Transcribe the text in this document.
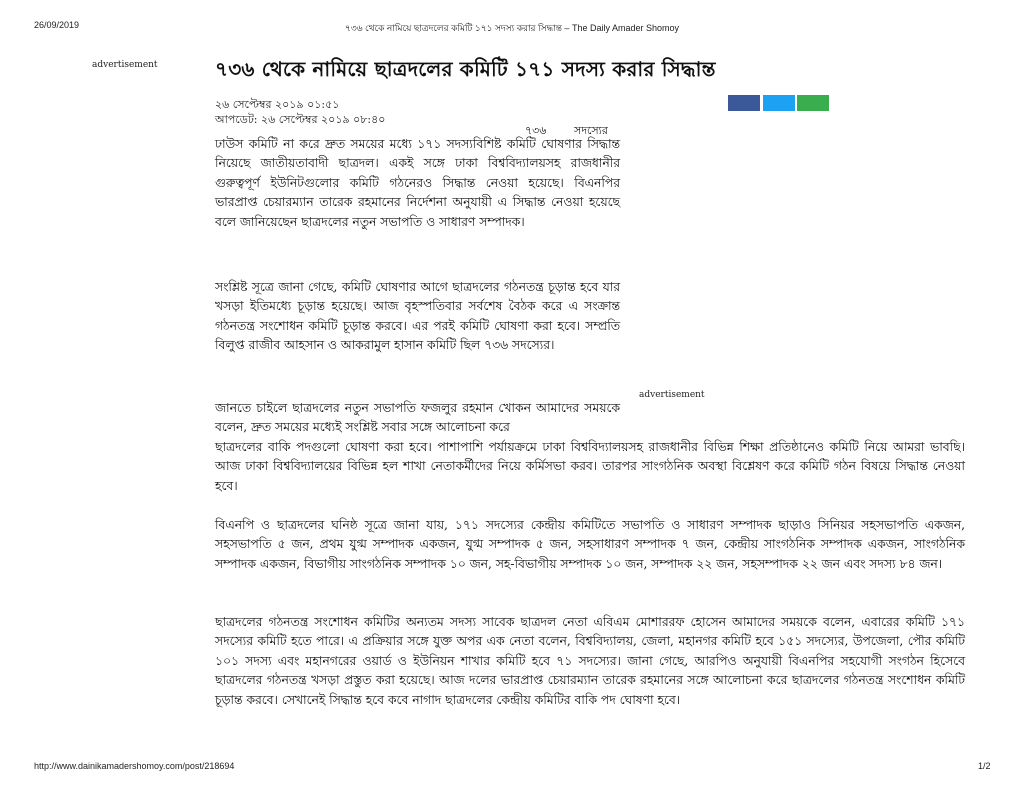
26/09/2019	৭৩৬ থেকে নামিয়ে ছাত্রদলের কমিটি ১৭১ সদস্য করার সিদ্ধান্ত – The Daily Amader Shomoy
advertisement	৭৩৬ থেকে নামিয়ে ছাত্রদলের কমিটি ১৭১ সদস্য করার সিদ্ধান্ত
২৬ সেপ্টেম্বর ২০১৯ ০১:৫১
আপডেট: ২৬ সেপ্টেম্বর ২০১৯ ০৮:৪০
৭৩৬ সদস্যের
ঢাউস কমিটি না করে দ্রুত সময়ের মধ্যে ১৭১ সদস্যবিশিষ্ট কমিটি ঘোষণার সিদ্ধান্ত নিয়েছে জাতীয়তাবাদী ছাত্রদল। একই সঙ্গে ঢাকা বিশ্ববিদ্যালয়সহ রাজধানীর গুরুত্বপূর্ণ ইউনিটগুলোর কমিটি গঠনেরও সিদ্ধান্ত নেওয়া হয়েছে। বিএনপির ভারপ্রাপ্ত চেয়ারম্যান তারেক রহমানের নির্দেশনা অনুযায়ী এ সিদ্ধান্ত নেওয়া হয়েছে বলে জানিয়েছেন ছাত্রদলের নতুন সভাপতি ও সাধারণ সম্পাদক।
সংশ্লিষ্ট সূত্রে জানা গেছে, কমিটি ঘোষণার আগে ছাত্রদলের গঠনতন্ত্র চূড়ান্ত হবে যার খসড়া ইতিমধ্যে চূড়ান্ত হয়েছে। আজ বৃহস্পতিবার সর্বশেষ বৈঠক করে এ সংক্রান্ত গঠনতন্ত্র সংশোধন কমিটি চূড়ান্ত করবে। এর পরই কমিটি ঘোষণা করা হবে। সম্প্রতি বিলুপ্ত রাজীব আহসান ও আকরামুল হাসান কমিটি ছিল ৭৩৬ সদস্যের।
advertisement
জানতে চাইলে ছাত্রদলের নতুন সভাপতি ফজলুর রহমান খোকন আমাদের সময়কে বলেন, দ্রুত সময়ের মধ্যেই সংশ্লিষ্ট সবার সঙ্গে আলোচনা করে
ছাত্রদলের বাকি পদগুলো ঘোষণা করা হবে। পাশাপাশি পর্যায়ক্রমে ঢাকা বিশ্ববিদ্যালয়সহ রাজধানীর বিভিন্ন শিক্ষা প্রতিষ্ঠানেও কমিটি নিয়ে আমরা ভাবছি। আজ ঢাকা বিশ্ববিদ্যালয়ের বিভিন্ন হল শাখা নেতাকর্মীদের নিয়ে কর্মিসভা করব। তারপর সাংগঠনিক অবস্থা বিশ্লেষণ করে কমিটি গঠন বিষয়ে সিদ্ধান্ত নেওয়া হবে।
বিএনপি ও ছাত্রদলের ঘনিষ্ঠ সূত্রে জানা যায়, ১৭১ সদস্যের কেন্দ্রীয় কমিটিতে সভাপতি ও সাধারণ সম্পাদক ছাড়াও সিনিয়র সহসভাপতি একজন, সহসভাপতি ৫ জন, প্রথম যুগ্ম সম্পাদক একজন, যুগ্ম সম্পাদক ৫ জন, সহসাধারণ সম্পাদক ৭ জন, কেন্দ্রীয় সাংগঠনিক সম্পাদক একজন, সাংগঠনিক সম্পাদক একজন, বিভাগীয় সাংগঠনিক সম্পাদক ১০ জন, সহ-বিভাগীয় সম্পাদক ১০ জন, সম্পাদক ২২ জন, সহসম্পাদক ২২ জন এবং সদস্য ৮৪ জন।
ছাত্রদলের গঠনতন্ত্র সংশোধন কমিটির অন্যতম সদস্য সাবেক ছাত্রদল নেতা এবিএম মোশাররফ হোসেন আমাদের সময়কে বলেন, এবারের কমিটি ১৭১ সদস্যের কমিটি হতে পারে। এ প্রক্রিয়ার সঙ্গে যুক্ত অপর এক নেতা বলেন, বিশ্ববিদ্যালয়, জেলা, মহানগর কমিটি হবে ১৫১ সদস্যের, উপজেলা, পৌর কমিটি ১০১ সদস্য এবং মহানগরের ওয়ার্ড ও ইউনিয়ন শাখার কমিটি হবে ৭১ সদস্যের। জানা গেছে, আরপিও অনুযায়ী বিএনপির সহযোগী সংগঠন হিসেবে ছাত্রদলের গঠনতন্ত্র খসড়া প্রস্তুত করা হয়েছে। আজ দলের ভারপ্রাপ্ত চেয়ারম্যান তারেক রহমানের সঙ্গে আলোচনা করে ছাত্রদলের গঠনতন্ত্র সংশোধন কমিটি চূড়ান্ত করবে। সেখানেই সিদ্ধান্ত হবে কবে নাগাদ ছাত্রদলের কেন্দ্রীয় কমিটির বাকি পদ ঘোষণা হবে।
http://www.dainikamadershomoy.com/post/218694	1/2
